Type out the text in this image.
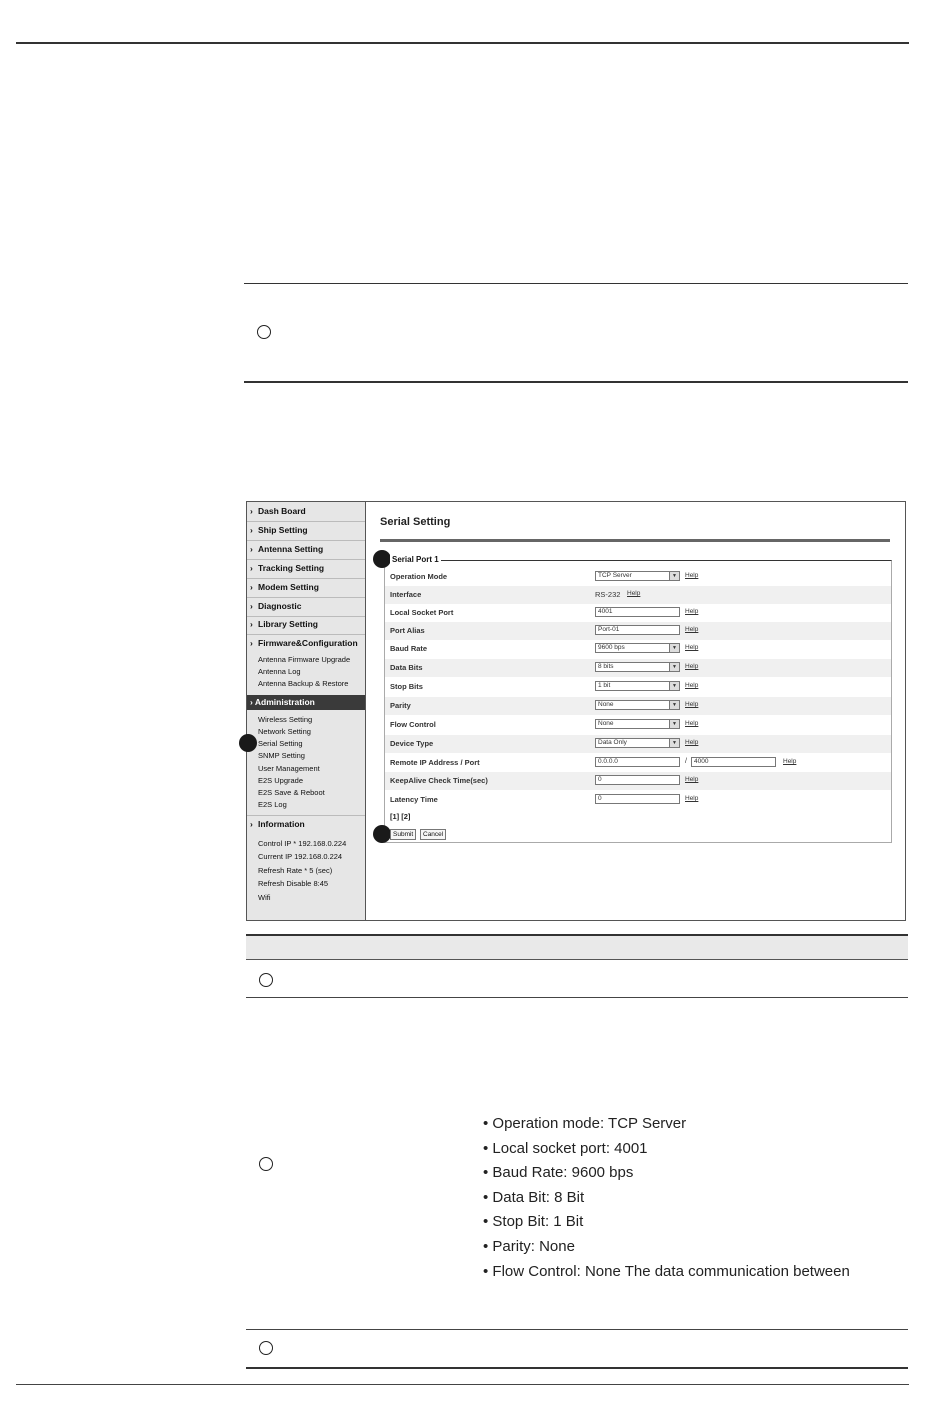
› Dash Board
› Ship Setting
› Antenna Setting
› Tracking Setting
› Modem Setting
› Diagnostic
› Library Setting
› Firmware&Configuration
Antenna Firmware Upgrade
Antenna Log
Antenna Backup & Restore
› Administration
Wireless Setting
Network Setting
Serial Setting
SNMP Setting
User Management
E2S Upgrade
E2S Save & Reboot
E2S Log
› Information
Control IP * 192.168.0.224
Current IP 192.168.0.224
Refresh Rate * 5 (sec)
Refresh Disable 8:45
Wifi
Serial Setting
Serial Port 1
Operation Mode	TCP Server	▼	Help
Interface	RS-232 Help
Local Socket Port	4001	Help
Port Alias	Port-01	Help
Baud Rate	9600 bps	▼	Help
Data Bits	8 bits	▼	Help
Stop Bits	1 bit	▼	Help
Parity	None	▼	Help
Flow Control	None	▼	Help
Device Type	Data Only	▼	Help
Remote IP Address / Port	0.0.0.0	/	4000	Help
KeepAlive Check Time(sec)	0	Help
Latency Time	0	Help
[1] [2]
Submit	Cancel
• Operation mode: TCP Server
• Local socket port: 4001
• Baud Rate: 9600 bps
• Data Bit: 8 Bit
• Stop Bit: 1 Bit
• Parity: None
• Flow Control: None The data communication between
